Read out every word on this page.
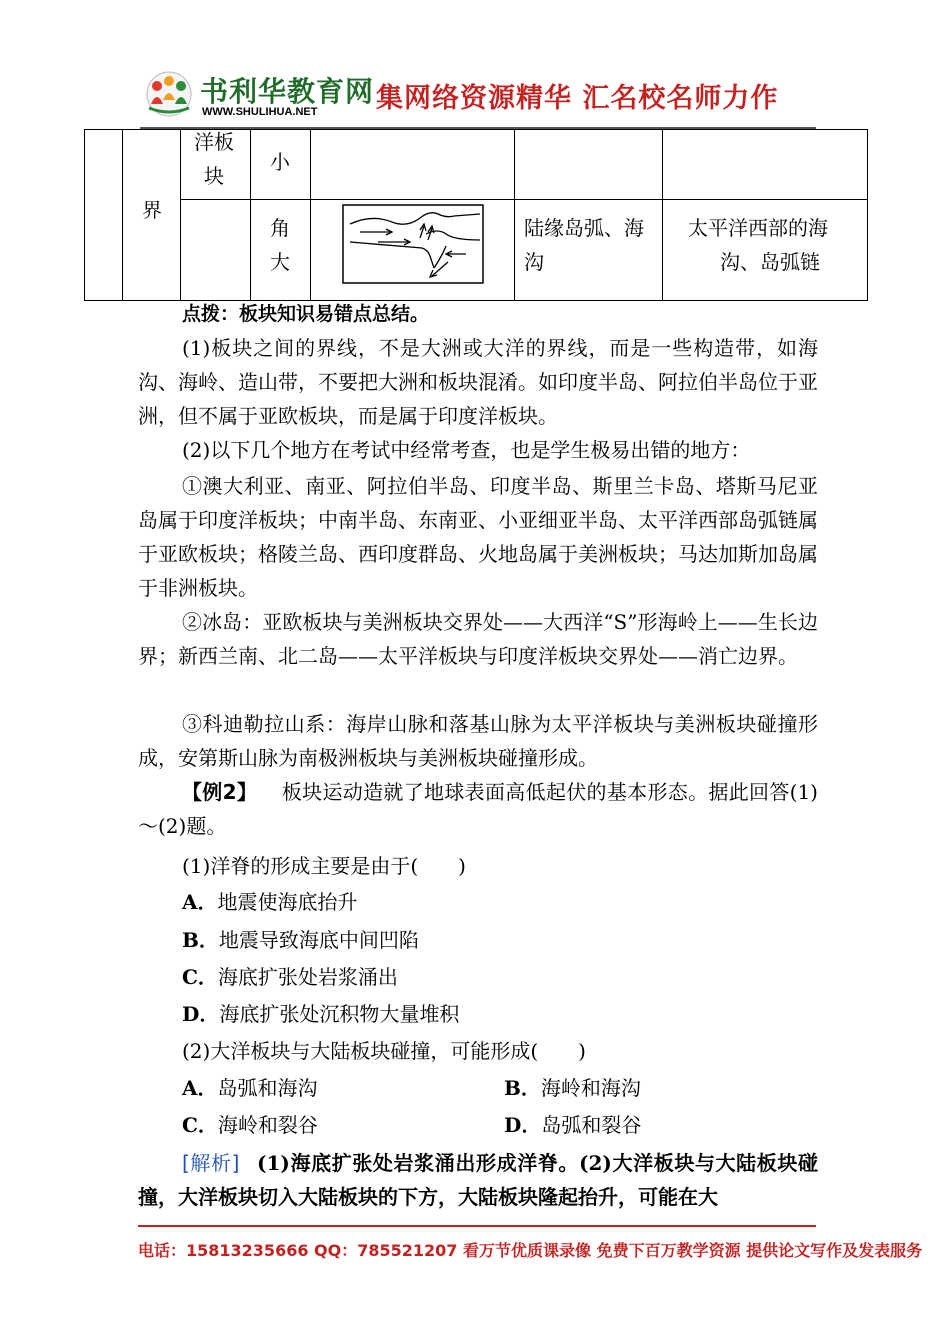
书利华教育网
WWW.SHULIHUA.NET 集网络资源精华 汇名校名师力作
界
洋板
块
小
角
大
陆缘岛弧、海
沟
太平洋西部的海
沟、岛弧链
点拨：板块知识易错点总结。
(1)板块之间的界线，不是大洲或大洋的界线，而是一些构造带，如海沟、海岭、造山带，不要把大洲和板块混淆。如印度半岛、阿拉伯半岛位于亚洲，但不属于亚欧板块，而是属于印度洋板块。
(2)以下几个地方在考试中经常考查，也是学生极易出错的地方：
①澳大利亚、南亚、阿拉伯半岛、印度半岛、斯里兰卡岛、塔斯马尼亚岛属于印度洋板块；中南半岛、东南亚、小亚细亚半岛、太平洋西部岛弧链属于亚欧板块；格陵兰岛、西印度群岛、火地岛属于美洲板块；马达加斯加岛属于非洲板块。
②冰岛：亚欧板块与美洲板块交界处——大西洋“S”形海岭上——生长边界；新西兰南、北二岛——太平洋板块与印度洋板块交界处——消亡边界。
③科迪勒拉山系：海岸山脉和落基山脉为太平洋板块与美洲板块碰撞形成，安第斯山脉为南极洲板块与美洲板块碰撞形成。
【例2】 板块运动造就了地球表面高低起伏的基本形态。据此回答(1)～(2)题。
(1)洋脊的形成主要是由于(　　)
A．地震使海底抬升
B．地震导致海底中间凹陷
C．海底扩张处岩浆涌出
D．海底扩张处沉积物大量堆积
(2)大洋板块与大陆板块碰撞，可能形成(　　)
A．岛弧和海沟	B．海岭和海沟
C．海岭和裂谷	D．岛弧和裂谷
[解析] (1)海底扩张处岩浆涌出形成洋脊。(2)大洋板块与大陆板块碰撞，大洋板块切入大陆板块的下方，大陆板块隆起抬升，可能在大
电话：15813235666 QQ：785521207 看万节优质课录像 免费下百万教学资源 提供论文写作及发表服务
